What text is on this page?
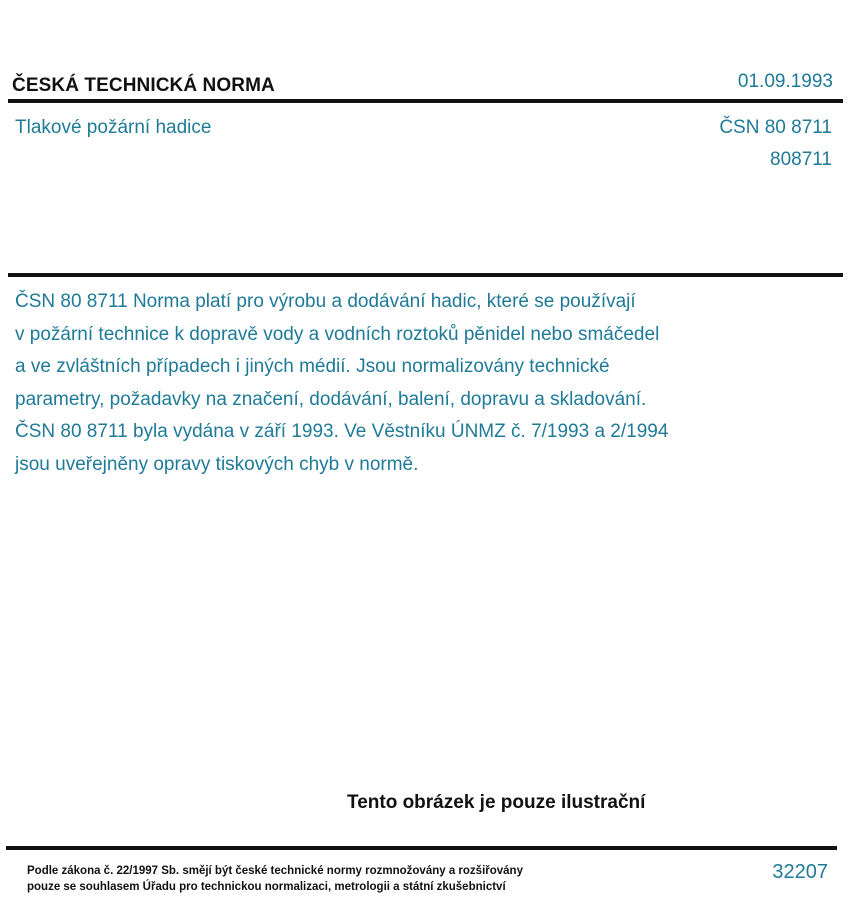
ČESKÁ TECHNICKÁ NORMA	01.09.1993
Tlakové požární hadice	ČSN 80 8711
808711
ČSN 80 8711 Norma platí pro výrobu a dodávání hadic, které se používají
v požární technice k dopravě vody a vodních roztoků pěnidel nebo smáčedel
a ve zvláštních případech i jiných médií. Jsou normalizovány technické
parametry, požadavky na značení, dodávání, balení, dopravu a skladování.
ČSN 80 8711 byla vydána v září 1993. Ve Věstníku ÚNMZ č. 7/1993 a 2/1994
jsou uveřejněny opravy tiskových chyb v normě.
Tento obrázek je pouze ilustrační
Podle zákona č. 22/1997 Sb. smějí být české technické normy rozmnožovány a rozšiřovány
pouze se souhlasem Úřadu pro technickou normalizaci, metrologii a státní zkušebnictví
32207
